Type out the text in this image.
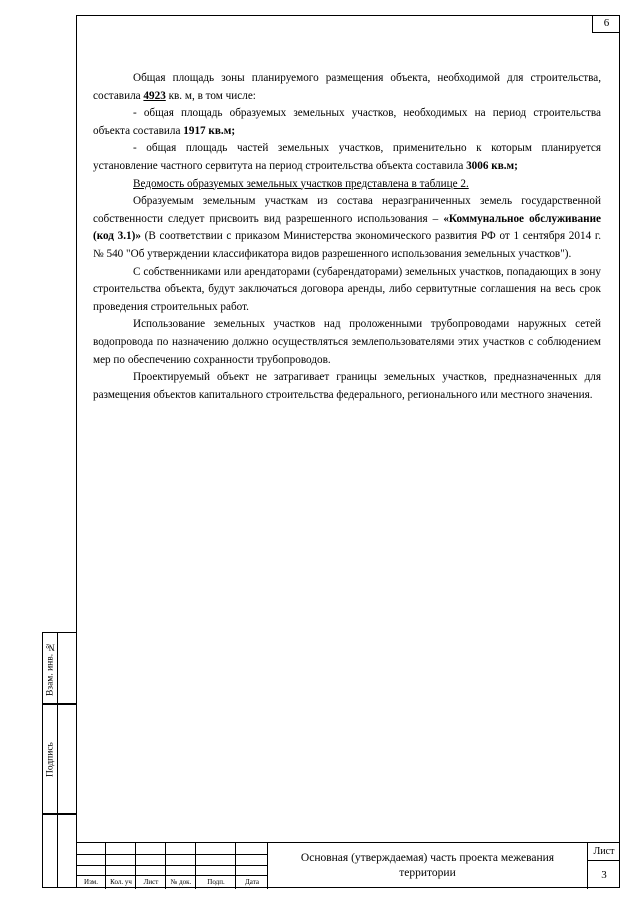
6

Общая площадь зоны планируемого размещения объекта, необходимой для строительства, составила 4923 кв. м, в том числе:

- общая площадь образуемых земельных участков, необходимых на период строительства объекта составила 1917 кв.м;

- общая площадь частей земельных участков, применительно к которым планируется установление частного сервитута на период строительства объекта составила 3006 кв.м;

Ведомость образуемых земельных участков представлена в таблице 2.

Образуемым земельным участкам из состава неразграниченных земель государственной собственности следует присвоить вид разрешенного использования – «Коммунальное обслуживание (код 3.1)» (В соответствии с приказом Министерства экономического развития РФ от 1 сентября 2014 г. № 540 "Об утверждении классификатора видов разрешенного использования земельных участков").

С собственниками или арендаторами (субарендаторами) земельных участков, попадающих в зону строительства объекта, будут заключаться договора аренды, либо сервитутные соглашения на весь срок проведения строительных работ.

Использование земельных участков над проложенными трубопроводами наружных сетей водопровода по назначению должно осуществляться землепользователями этих участков с соблюдением мер по обеспечению сохранности трубопроводов.

Проектируемый объект не затрагивает границы земельных участков, предназначенных для размещения объектов капитального строительства федерального, регионального или местного значения.

Взам. инв. №
Подпись
Изм.	Кол. уч	Лист	№ док.	Подп.	Дата
Основная (утверждаемая) часть проекта межевания территории
Лист
3
